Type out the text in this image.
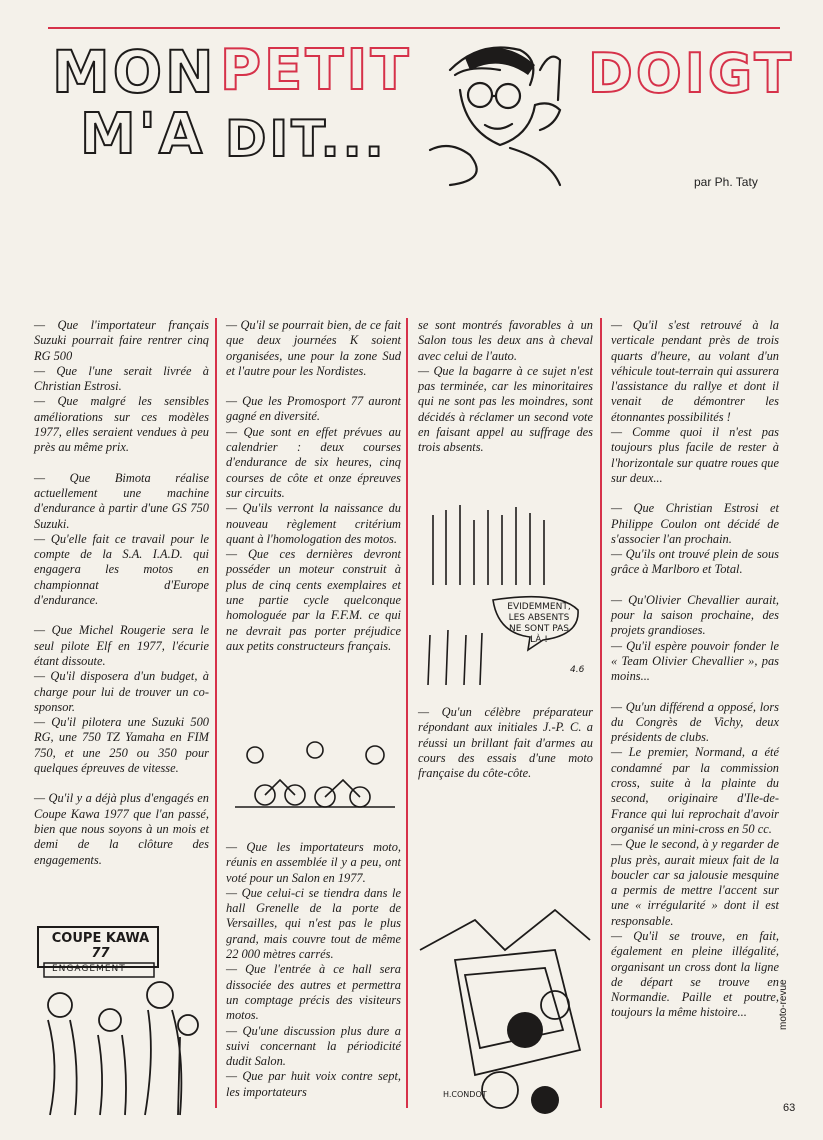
MON PETIT	DOIGT
M'A DIT...
par Ph. Taty

— Que l'importateur français Suzuki pourrait faire rentrer cinq RG 500
— Que l'une serait livrée à Christian Estrosi.
— Que malgré les sensibles améliorations sur ces modèles 1977, elles seraient vendues à peu près au même prix.

— Que Bimota réalise actuellement une machine d'endurance à partir d'une GS 750 Suzuki.
— Qu'elle fait ce travail pour le compte de la S.A. I.A.D. qui engagera les motos en championnat d'Europe d'endurance.

— Que Michel Rougerie sera le seul pilote Elf en 1977, l'écurie étant dissoute.
— Qu'il disposera d'un budget, à charge pour lui de trouver un co-sponsor.
— Qu'il pilotera une Suzuki 500 RG, une 750 TZ Yamaha en FIM 750, et une 250 ou 350 pour quelques épreuves de vitesse.

— Qu'il y a déjà plus d'engagés en Coupe Kawa 1977 que l'an passé, bien que nous soyons à un mois et demi de la clôture des engagements.

COUPE KAWA
77
ENGAGEMENT

— Qu'il se pourrait bien, de ce fait que deux journées K soient organisées, une pour la zone Sud et l'autre pour les Nordistes.

— Que les Promosport 77 auront gagné en diversité.
— Que sont en effet prévues au calendrier : deux courses d'endurance de six heures, cinq courses de côte et onze épreuves sur circuits.
— Qu'ils verront la naissance du nouveau règlement critérium quant à l'homologation des motos.
— Que ces dernières devront posséder un moteur construit à plus de cinq cents exemplaires et une partie cycle quelconque homologuée par la F.F.M. ce qui ne devrait pas porter préjudice aux petits constructeurs français.

— Que les importateurs moto, réunis en assemblée il y a peu, ont voté pour un Salon en 1977.
— Que celui-ci se tiendra dans le hall Grenelle de la porte de Versailles, qui n'est pas le plus grand, mais couvre tout de même 22 000 mètres carrés.
— Que l'entrée à ce hall sera dissociée des autres et permettra un comptage précis des visiteurs motos.
— Qu'une discussion plus dure a suivi concernant la périodicité dudit Salon.
— Que par huit voix contre sept, les importateurs

se sont montrés favorables à un Salon tous les deux ans à cheval avec celui de l'auto.
— Que la bagarre à ce sujet n'est pas terminée, car les minoritaires qui ne sont pas les moindres, sont décidés à réclamer un second vote en faisant appel au suffrage des trois absents.

EVIDEMMENT, LES ABSENTS NE SONT PAS LÀ !
4.6

— Qu'un célèbre préparateur répondant aux initiales J.-P. C. a réussi un brillant fait d'armes au cours des essais d'une moto française du côte-côte.

H.CONDOT

— Qu'il s'est retrouvé à la verticale pendant près de trois quarts d'heure, au volant d'un véhicule tout-terrain qui assurera l'assistance du rallye et dont il venait de démontrer les étonnantes possibilités !
— Comme quoi il n'est pas toujours plus facile de rester à l'horizontale sur quatre roues que sur deux...

— Que Christian Estrosi et Philippe Coulon ont décidé de s'associer l'an prochain.
— Qu'ils ont trouvé plein de sous grâce à Marlboro et Total.

— Qu'Olivier Chevallier aurait, pour la saison prochaine, des projets grandioses.
— Qu'il espère pouvoir fonder le « Team Olivier Chevallier », pas moins...

— Qu'un différend a opposé, lors du Congrès de Vichy, deux présidents de clubs.
— Le premier, Normand, a été condamné par la commission cross, suite à la plainte du second, originaire d'Ile-de-France qui lui reprochait d'avoir organisé un mini-cross en 50 cc.
— Que le second, à y regarder de plus près, aurait mieux fait de la boucler car sa jalousie mesquine a permis de mettre l'accent sur une « irrégularité » dont il est responsable.
— Qu'il se trouve, en fait, également en pleine illégalité, organisant un cross dont la ligne de départ se trouve en Normandie. Paille et poutre, toujours la même histoire...	moto-revue
63
